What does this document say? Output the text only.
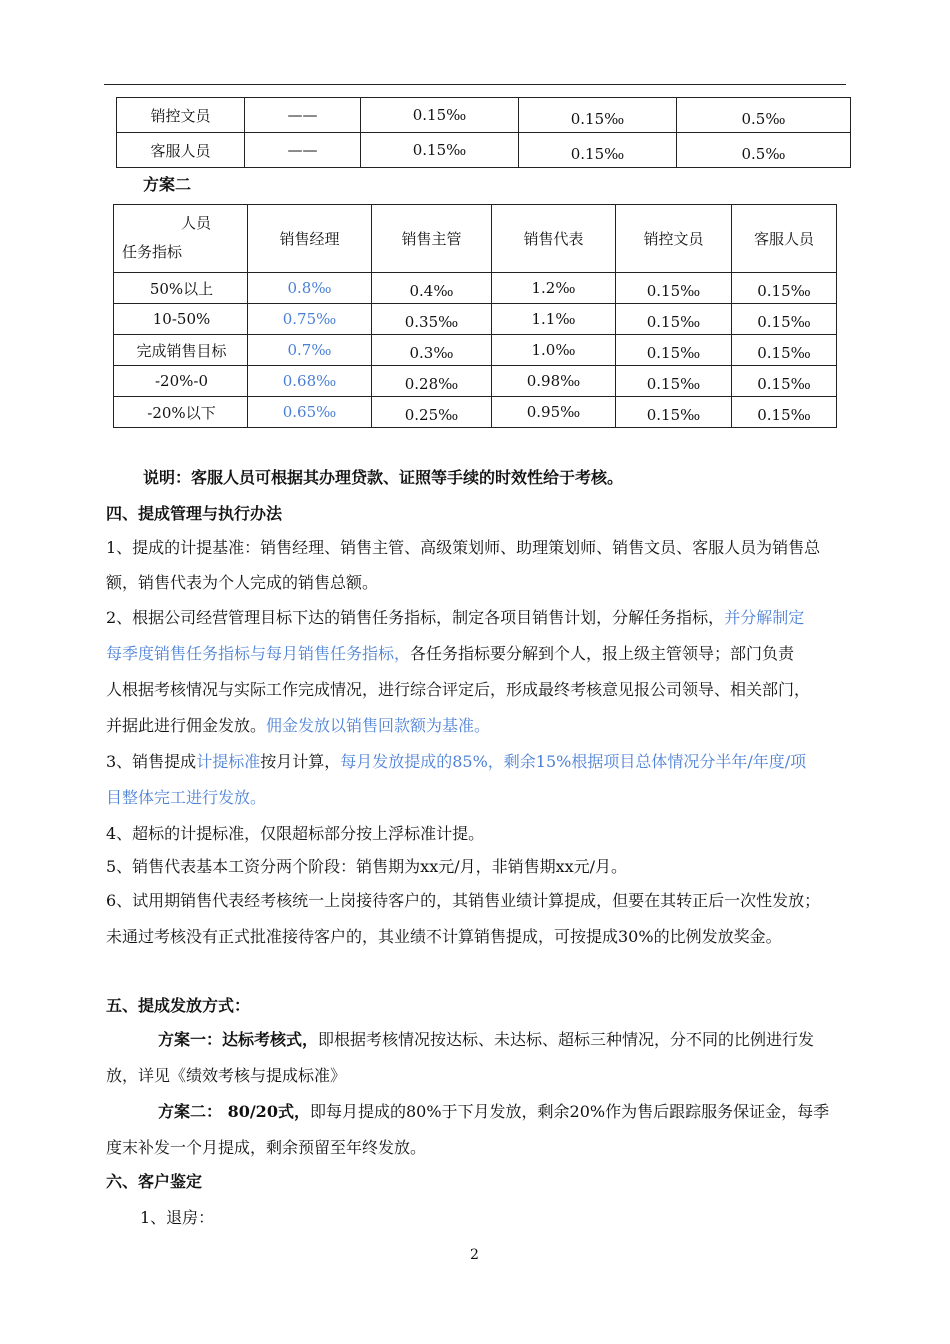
销控文员	——	0.15‰	0.15‰	0.5‰
客服人员	——	0.15‰	0.15‰	0.5‰
方案二
人员
任务指标	销售经理	销售主管	销售代表	销控文员	客服人员
50%以上	0.8‰	0.4‰	1.2‰	0.15‰	0.15‰
10-50%	0.75‰	0.35‰	1.1‰	0.15‰	0.15‰
完成销售目标	0.7‰	0.3‰	1.0‰	0.15‰	0.15‰
-20%-0	0.68‰	0.28‰	0.98‰	0.15‰	0.15‰
-20%以下	0.65‰	0.25‰	0.95‰	0.15‰	0.15‰
说明：客服人员可根据其办理贷款、证照等手续的时效性给于考核。
四、提成管理与执行办法
1、提成的计提基准：销售经理、销售主管、高级策划师、助理策划师、销售文员、客服人员为销售总
额，销售代表为个人完成的销售总额。
2、根据公司经营管理目标下达的销售任务指标，制定各项目销售计划，分解任务指标，并分解制定
每季度销售任务指标与每月销售任务指标，各任务指标要分解到个人，报上级主管领导；部门负责
人根据考核情况与实际工作完成情况，进行综合评定后，形成最终考核意见报公司领导、相关部门，
并据此进行佣金发放。佣金发放以销售回款额为基准。
3、销售提成计提标准按月计算，每月发放提成的85%，剩余15%根据项目总体情况分半年/年度/项
目整体完工进行发放。
4、超标的计提标准，仅限超标部分按上浮标准计提。
5、销售代表基本工资分两个阶段：销售期为xx元/月，非销售期xx元/月。
6、试用期销售代表经考核统一上岗接待客户的，其销售业绩计算提成，但要在其转正后一次性发放；
未通过考核没有正式批准接待客户的，其业绩不计算销售提成，可按提成30%的比例发放奖金。
五、提成发放方式：
方案一：达标考核式，即根据考核情况按达标、未达标、超标三种情况，分不同的比例进行发
放，详见《绩效考核与提成标准》
方案二： 80/20式，即每月提成的80%于下月发放，剩余20%作为售后跟踪服务保证金，每季
度末补发一个月提成，剩余预留至年终发放。
六、客户鉴定
1、退房：
2
